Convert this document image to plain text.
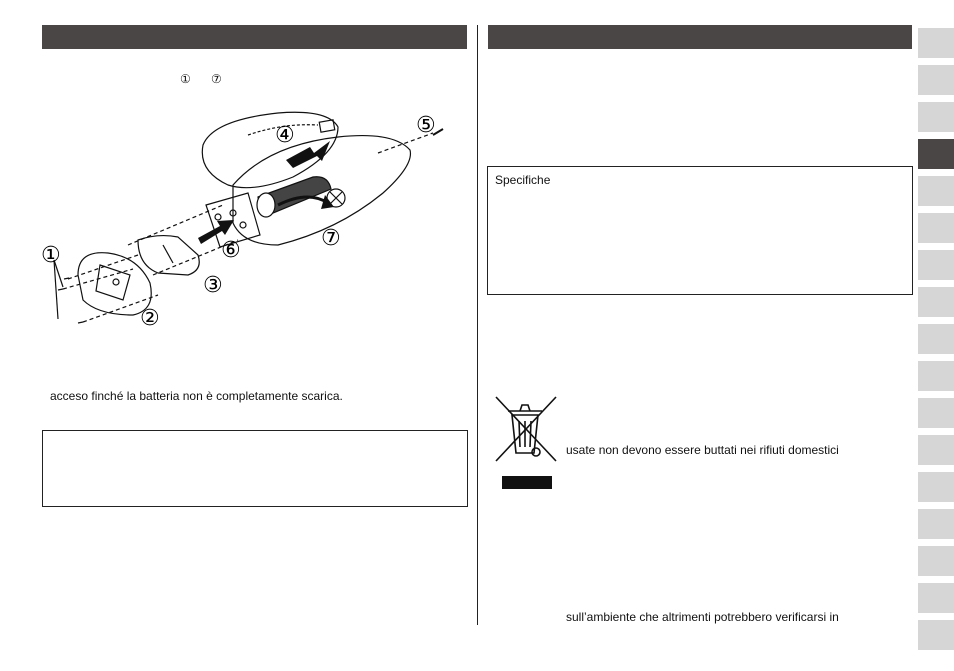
① ⑦
①
②
③
④	⑤
⑥	⑦
acceso finché la batteria non è completamente scarica.
Specifiche
usate non devono essere buttati nei rifiuti domestici
sull’ambiente che altrimenti potrebbero verificarsi in
